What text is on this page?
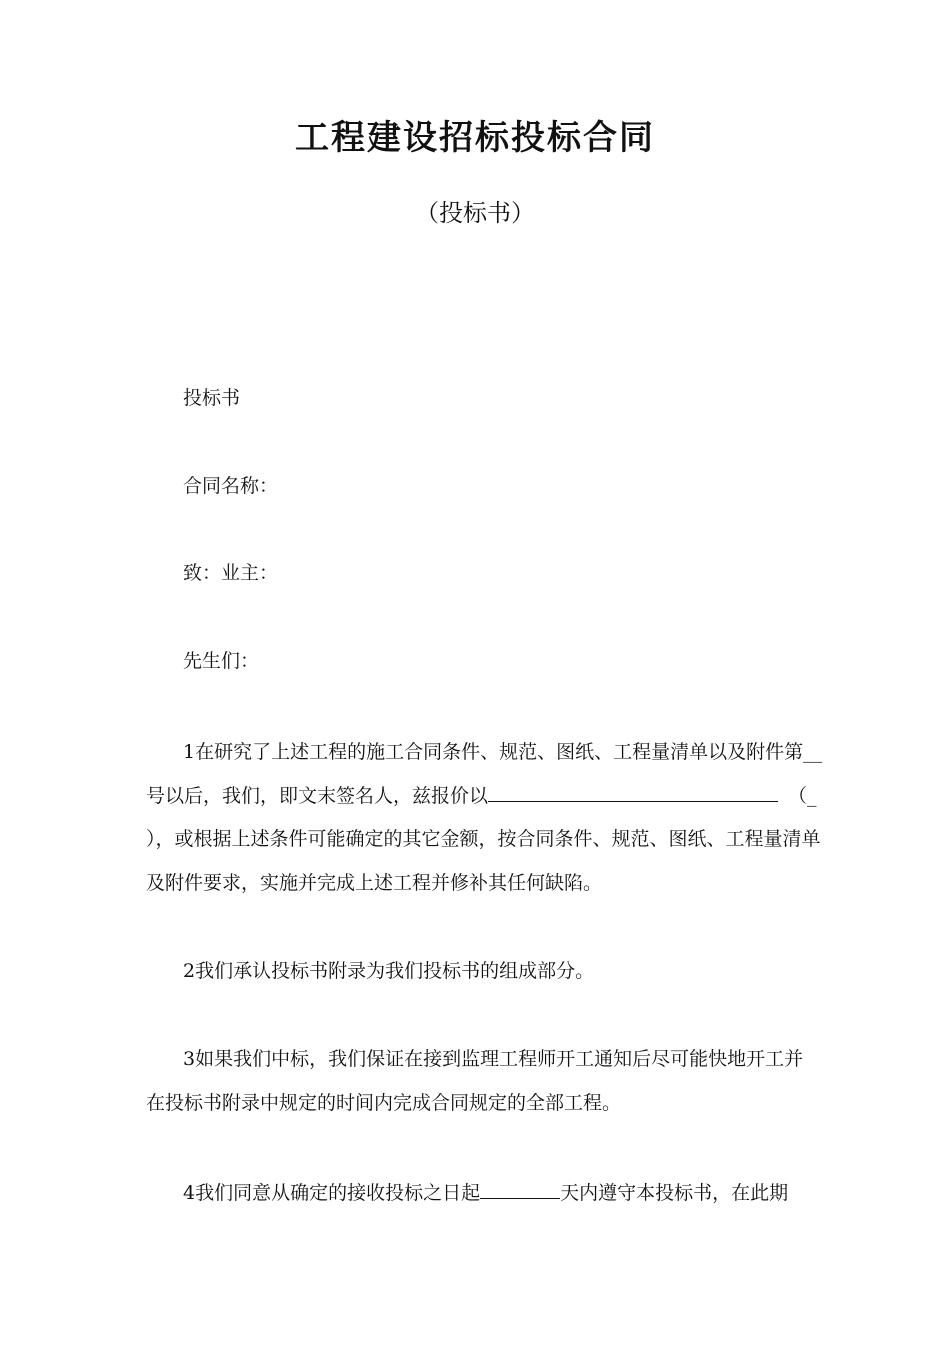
工程建设招标投标合同
（投标书）
投标书
合同名称：
致：业主：
先生们：
1在研究了上述工程的施工合同条件、规范、图纸、工程量清单以及附件第__
号以后，我们，即文末签名人，兹报价以	（_
），或根据上述条件可能确定的其它金额，按合同条件、规范、图纸、工程量清单
及附件要求，实施并完成上述工程并修补其任何缺陷。
2我们承认投标书附录为我们投标书的组成部分。
3如果我们中标，我们保证在接到监理工程师开工通知后尽可能快地开工并
在投标书附录中规定的时间内完成合同规定的全部工程。
4我们同意从确定的接收投标之日起	天内遵守本投标书，在此期
